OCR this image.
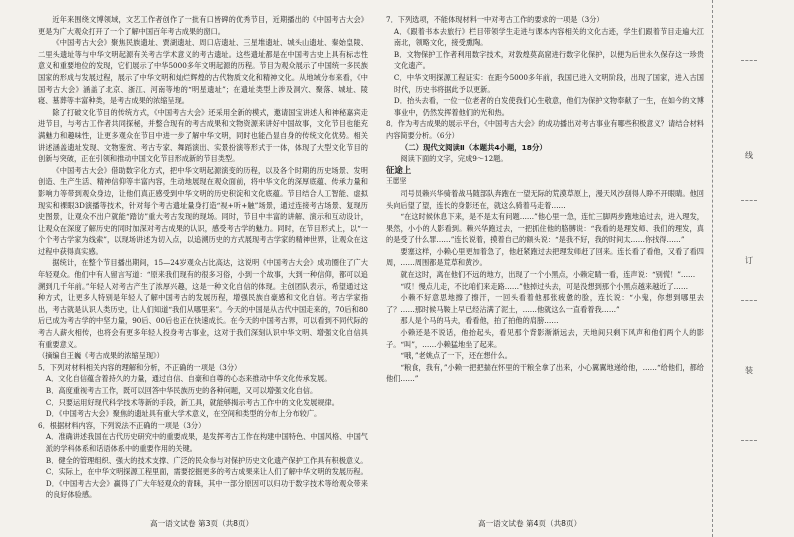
近年来围绕文博领域，文艺工作者创作了一批有口皆碑的优秀节目，近期播出的《中国考古大会》更是为广大观众打开了一个了解中国百年考古成果的窗口。

《中国考古大会》聚焦民族遗址、贾湖遗址、周口店遗址、三星堆遗址、城头山遗址、秦始皇陵、二里头遗址等与中华文明起源有关考古学术意义的考古遗址。这些遗址都是在中国考古史上具有标志性意义和重要地位的发现，它们展示了中华5000多年文明起源的历程。节目为观众展示了中国统一多民族国家的形成与发展过程，展示了中华文明和灿烂辉煌的古代物质文化和精神文化。从地域分布来看，《中国考古大会》涵盖了北京、浙江、河南等地的“明星遗址”；在遗址类型上涉及洞穴、聚落、城址、陵寝、墓葬等丰富种类，是考古成果的浓缩呈现。

除了打破文化节目的传统方式，《中国考古大会》还采用全新的模式，邀请国宝讲述人和神秘嘉宾走进节目，与考古工作者共同探秘，并整合现有的考古成果和文物资源来讲好中国故事，文化节目也能充满魅力和趣味性，让更多观众在节目中进一步了解中华文明，同时也能凸显自身的传统文化优势。相关讲述涵盖遗址发现、文物鉴赏、考古专家、舞蹈演出、实景扮演等形式于一体，体现了大型文化节目的创新与突破，正在引领和推动中国文化节目形成新的节目类型。

《中国考古大会》借助数字化方式，把中华文明起源演变的历程，以及各个时期的历史场景、发明创造、生产生活、精神信仰等丰富内容，生动地展现在观众面前，将中华文化的深厚底蕴、传承力量和影响力等带到观众身边，让他们真正感受到中华文明的历史积淀和文化底蕴。节目结合人工智能、虚拟现实和裸眼3D演播等技术，针对每个考古遗址量身打造“视+听+触”场景，通过连接考古场景、复现历史图景，让观众不出户就能“踏访”重大考古发现的现场。同时，节目中丰富的讲解、演示和互动设计，让观众在深度了解历史的同时加深对考古成果的认识，感受考古学的魅力。同时，在节目形式上，以“一个个考古学家为线索”，以现场讲述为切入点，以追溯历史的方式展现考古学家的精神世界，让观众在这过程中获得真实感。

据统计，在整个节目播出期间，15—24岁观众占比高达，这说明《中国考古大会》成功圈住了广大年轻观众。他们中有人留言写道：“原来我们现有的很多习俗，小到一个故事，大到一种信仰，都可以追溯到几千年前。”年轻人对考古产生了浓厚兴趣，这是一种文化自信的体现。主创团队表示，希望通过这种方式，让更多人特别是年轻人了解中国考古的发展历程，增强民族自豪感和文化自信。考古学家指出，考古就是认识人类历史，让人们知道“我们从哪里来”。今天的中国是从古代中国走来的，70后和80后已成为考古学的中坚力量，90后、00后也正在快速成长。在今天的中国考古界，可以看到不同代际的考古人薪火相传，也将会有更多年轻人投身考古事业，这对于我们深刻认识中华文明、增强文化自信具有重要意义。

（摘编自王巍《考古成果的浓缩呈现》）

5．下列对材料相关内容的理解和分析，不正确的一项是（3分）

A．文化自信蕴含着持久的力量，通过自信、自豪和自尊的心态来推动中华文化传承发展。

B．高度重视考古工作，既可以回答中华民族历史的各种问题，又可以增强文化自信。

C．只要运用好现代科学技术等新的手段，新工具，就能够揭示考古工作中的文化发展规律。

D．《中国考古大会》聚焦的遗址具有重大学术意义，在空间和类型的分布上分布较广。

6．根据材料内容，下列说法不正确的一项是（3分）

A．准确讲述我国在古代历史研究中的重要成果，是发挥考古工作在构建中国特色、中国风格、中国气派的学科体系和话语体系中的重要作用的关键。

B．健全的管理组织、强大的技术支撑、广泛的民众参与对保护历史文化遗产保护工作具有积极意义。

C．实际上，在中华文明探源工程里面，需要挖掘更多的考古成果来让人们了解中华文明的发展历程。

D．《中国考古大会》赢得了广大年轻观众的青睐，其中一部分原因可以归功于数字技术等给观众带来的良好体验感。

7．下列选项，不能体现材料一中对考古工作的要求的一项是（3分）

A．《跟着书本去旅行》栏目带领学生走进与课本内容相关的文化古迹，学生们跟着节目走遍大江南北，领略文化，接受熏陶。

B．文物保护工作者利用数字技术，对敦煌莫高窟进行数字化保护，以便为后世永久保存这一珍贵文化遗产。

C．中华文明探源工程证实：在距今5000多年前，我国已进入文明阶段，出现了国家，进入古国时代，历史书将据此予以更新。

D．抬头去看，一位一位老者的白发使我们心生敬意，他们为保护文物奉献了一生，在如今的文博事业中，仍然发挥着他们的光和热。

8．作为考古成果的展示平台，《中国考古大会》的成功播出对考古事业有哪些积极意义？请结合材料内容简要分析。（6分）

（二）现代文阅读Ⅱ（本题共4小题，18分）

阅读下面的文字，完成9～12题。

征途上

王愿坚

司号员赖兴华骑着战马随部队奔跑在一望无际的荒漠草原上，漫天风沙刮得人睁不开眼睛。他回头向后望了望，连长的身影还在，就这么骑着马走着……

“在这时候休息下来，是不是太有问题……”他心里一急，连忙三脚两步跑地追过去，进入理发，果然，小小的人影看到。赖兴华跑过去，一把抓住他的胳膊说：“我看的是理发师、我们的理发，真的是受了什么罪……”连长说着，摸着自己的额头说：“是我不好，我的时间太……你找得……”

要塞这样，小赖心里更加着急了，他赶紧跑过去把理发师赶了回来。连长看了看他，又看了看四周，……周围都是荒草和黄沙。

就在这时，离在他们不远的地方，出现了一个小黑点，小赖定睛一看，连声说：“别慌！”……

“哎！慢点儿走，不比咱们来走路……”他掉过头去，可是没想到那个小黑点越来越近了……

小赖不好意思地擦了擦汗，一回头看着他那张疲惫的脸，连长说：“小鬼，你想到哪里去了？……那时候马鞍上早已经沾满了泥土，……他就这么一直看着我……”

那人是个马的马夫，看看他，拍了拍他的肩膀……

小赖还是不说话，他抬起头，看见那个背影渐渐远去，天地间只剩下风声和他们两个人的影子。“叫”，……小赖猛地坐了起来。

“哦，”老姚点了一下，还在想什么。

“粮食，我有，”小赖一把把揣在怀里的干粮全拿了出来，小心翼翼地递给他，……“给他们，都给他们……”

高一语文试卷 第3页（共8页）	高一语文试卷 第4页（共8页）
线
订
装
